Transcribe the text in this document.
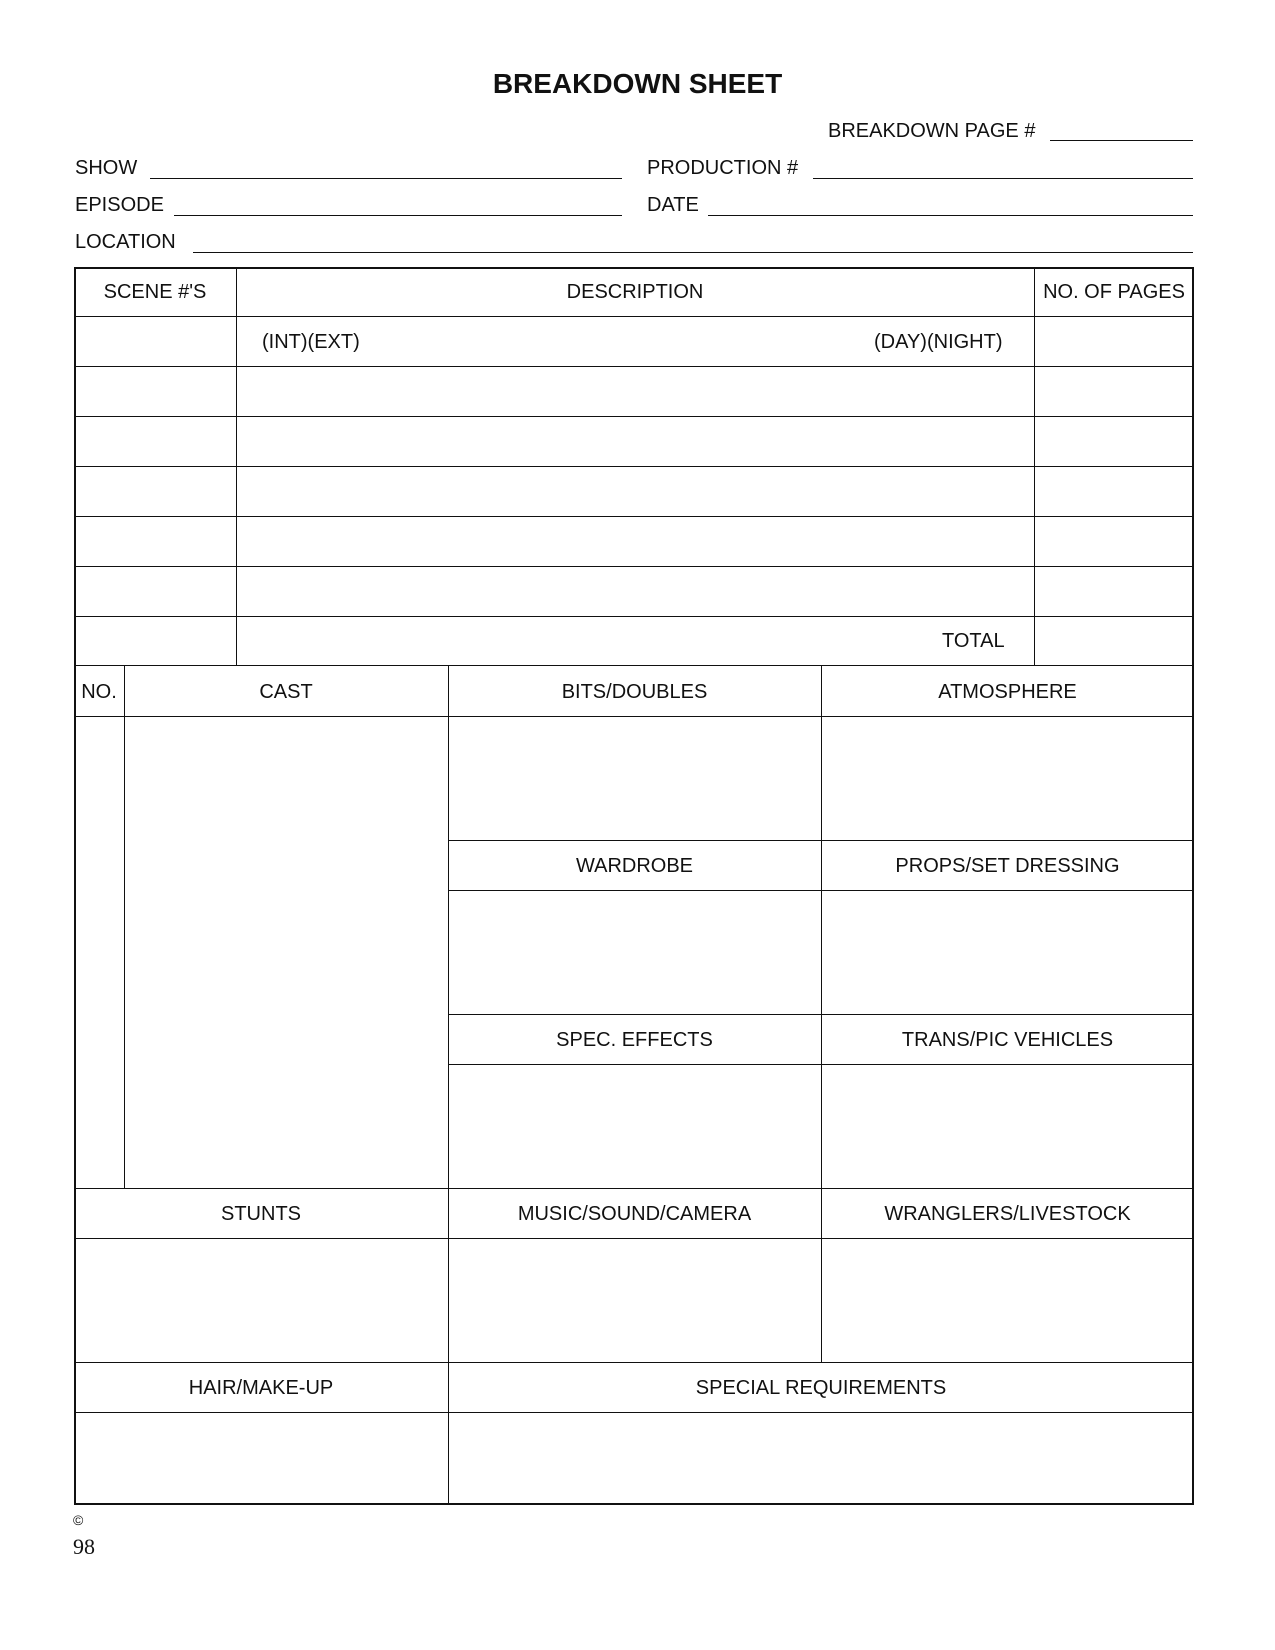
BREAKDOWN SHEET
BREAKDOWN PAGE #
SHOW	PRODUCTION #
EPISODE	DATE
LOCATION
SCENE #'S	DESCRIPTION	NO. OF PAGES
(INT)(EXT)	(DAY)(NIGHT)
TOTAL
NO.	CAST	BITS/DOUBLES	ATMOSPHERE
WARDROBE	PROPS/SET DRESSING
SPEC. EFFECTS	TRANS/PIC VEHICLES
STUNTS	MUSIC/SOUND/CAMERA	WRANGLERS/LIVESTOCK
HAIR/MAKE-UP	SPECIAL REQUIREMENTS
©
98
